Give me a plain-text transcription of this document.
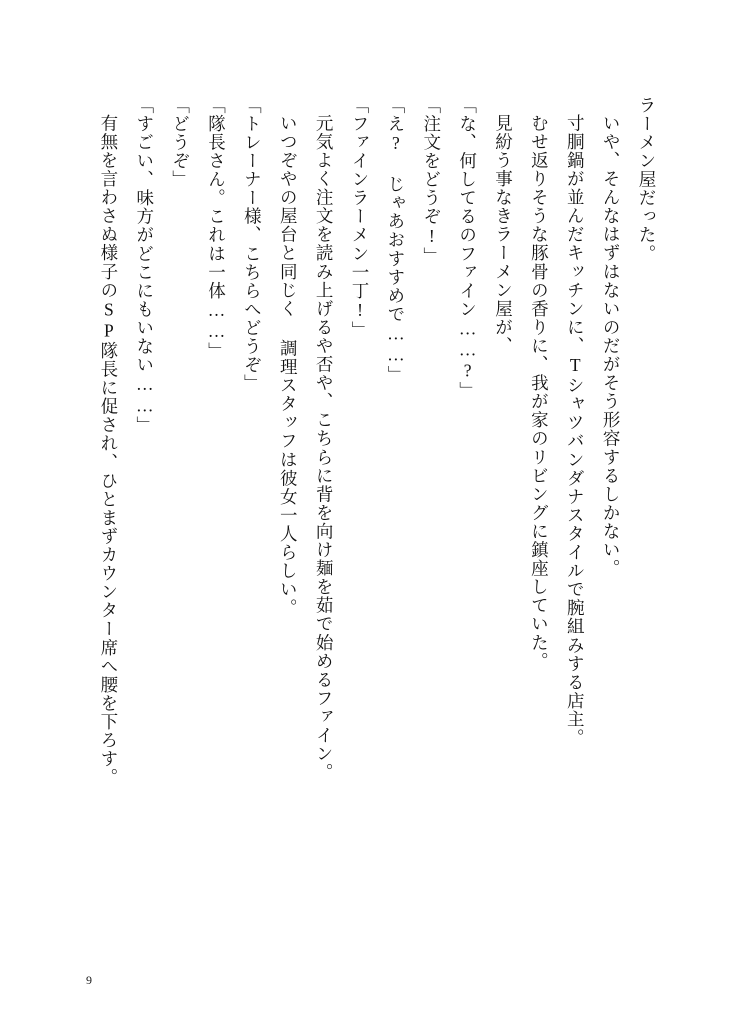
ラーメン屋だった。

いや、そんなはずはないのだがそう形容するしかない。

寸胴鍋が並んだキッチンに、Tシャツバンダナスタイルで腕組みする店主。

むせ返りそうな豚骨の香りに、我が家のリビングに鎮座していた。

見紛う事なきラーメン屋が、

「な、何してるのファイン……?」

「注文をどうぞ!」

「え? じゃあおすすめで……」

「ファインラーメン一丁!」

元気よく注文を読み上げるや否や、こちらに背を向け麺を茹で始めるファイン。

いつぞやの屋台と同じく 調理スタッフは彼女一人らしい。

「トレーナー様、こちらへどうぞ」

「隊長さん。これは一体……」

「どうぞ」

「すごい、味方がどこにもいない……」

有無を言わさぬ様子のSP隊長に促され、ひとまずカウンター席へ腰を下ろす。

9
